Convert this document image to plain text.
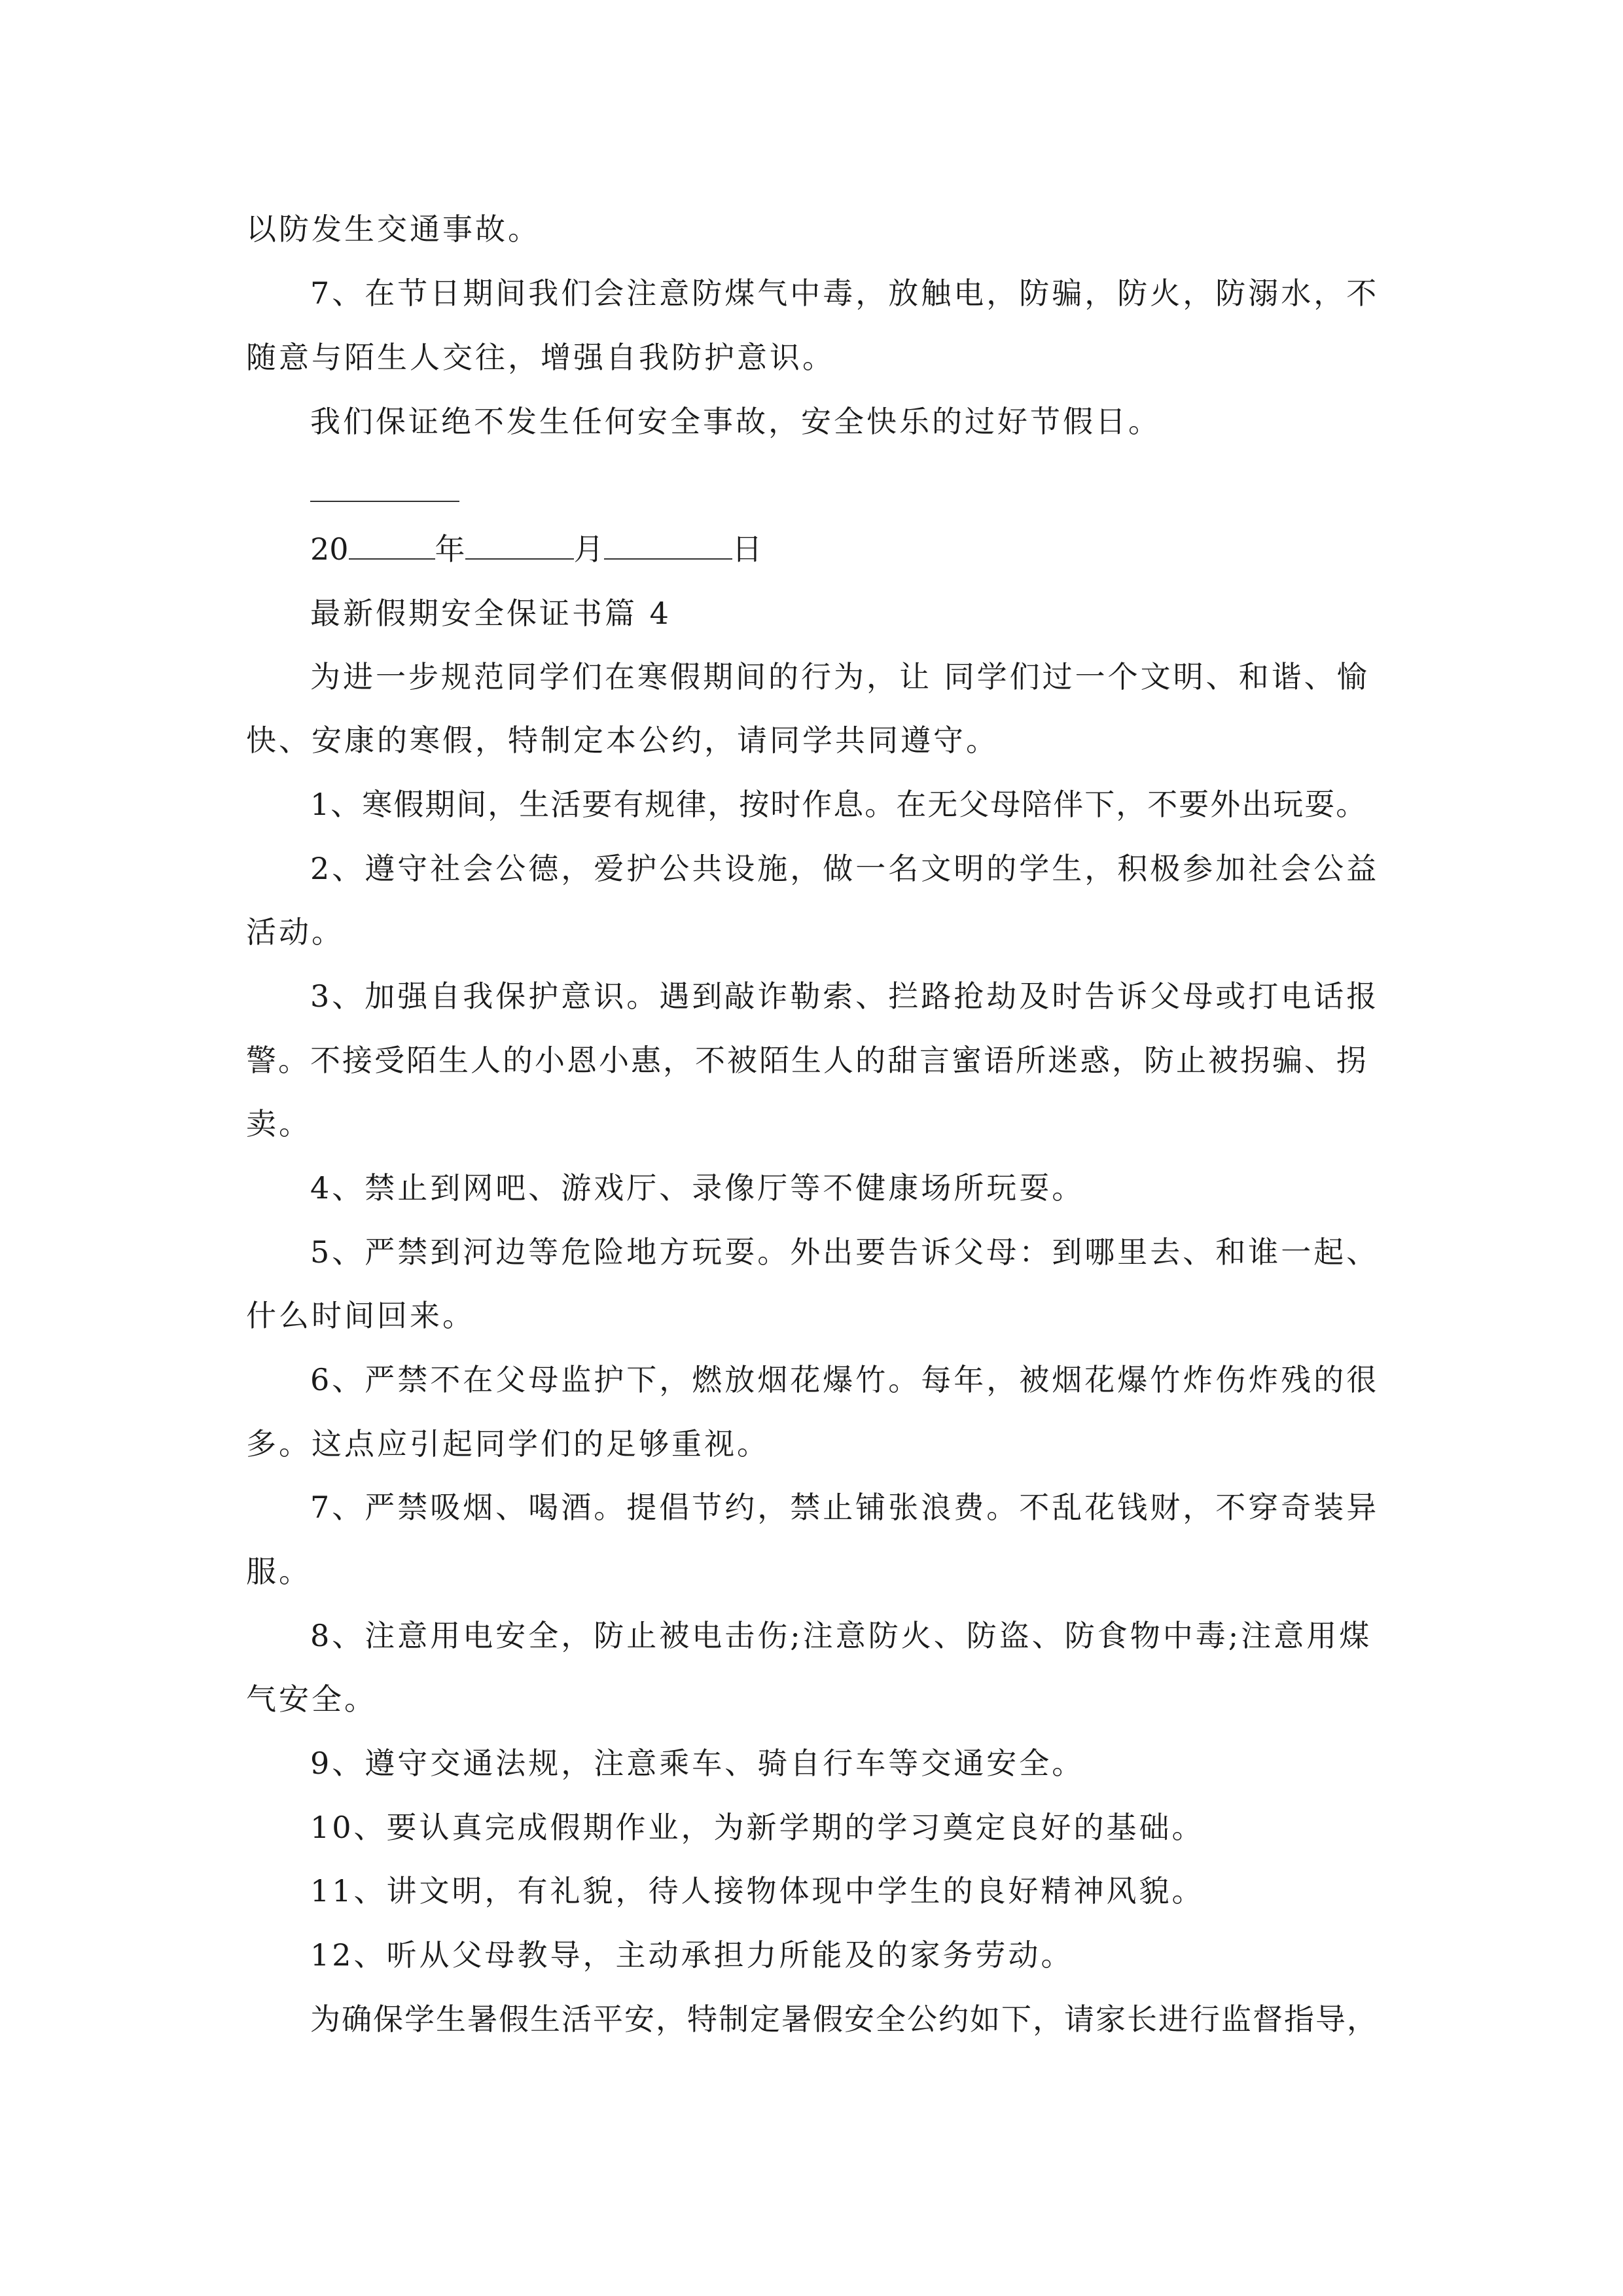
以防发生交通事故。
7、在节日期间我们会注意防煤气中毒，放触电，防骗，防火，防溺水，不
随意与陌生人交往，增强自我防护意识。
我们保证绝不发生任何安全事故，安全快乐的过好节假日。
20	年	月	日
最新假期安全保证书篇 4
为进一步规范同学们在寒假期间的行为，让 同学们过一个文明、和谐、愉
快、安康的寒假，特制定本公约，请同学共同遵守。
1、寒假期间，生活要有规律，按时作息。在无父母陪伴下，不要外出玩耍。
2、遵守社会公德，爱护公共设施，做一名文明的学生，积极参加社会公益
活动。
3、加强自我保护意识。遇到敲诈勒索、拦路抢劫及时告诉父母或打电话报
警。不接受陌生人的小恩小惠，不被陌生人的甜言蜜语所迷惑，防止被拐骗、拐
卖。
4、禁止到网吧、游戏厅、录像厅等不健康场所玩耍。
5、严禁到河边等危险地方玩耍。外出要告诉父母：到哪里去、和谁一起、
什么时间回来。
6、严禁不在父母监护下，燃放烟花爆竹。每年，被烟花爆竹炸伤炸残的很
多。这点应引起同学们的足够重视。
7、严禁吸烟、喝酒。提倡节约，禁止铺张浪费。不乱花钱财，不穿奇装异
服。
8、注意用电安全，防止被电击伤;注意防火、防盗、防食物中毒;注意用煤
气安全。
9、遵守交通法规，注意乘车、骑自行车等交通安全。
10、要认真完成假期作业，为新学期的学习奠定良好的基础。
11、讲文明，有礼貌，待人接物体现中学生的良好精神风貌。
12、听从父母教导，主动承担力所能及的家务劳动。
为确保学生暑假生活平安，特制定暑假安全公约如下，请家长进行监督指导，
